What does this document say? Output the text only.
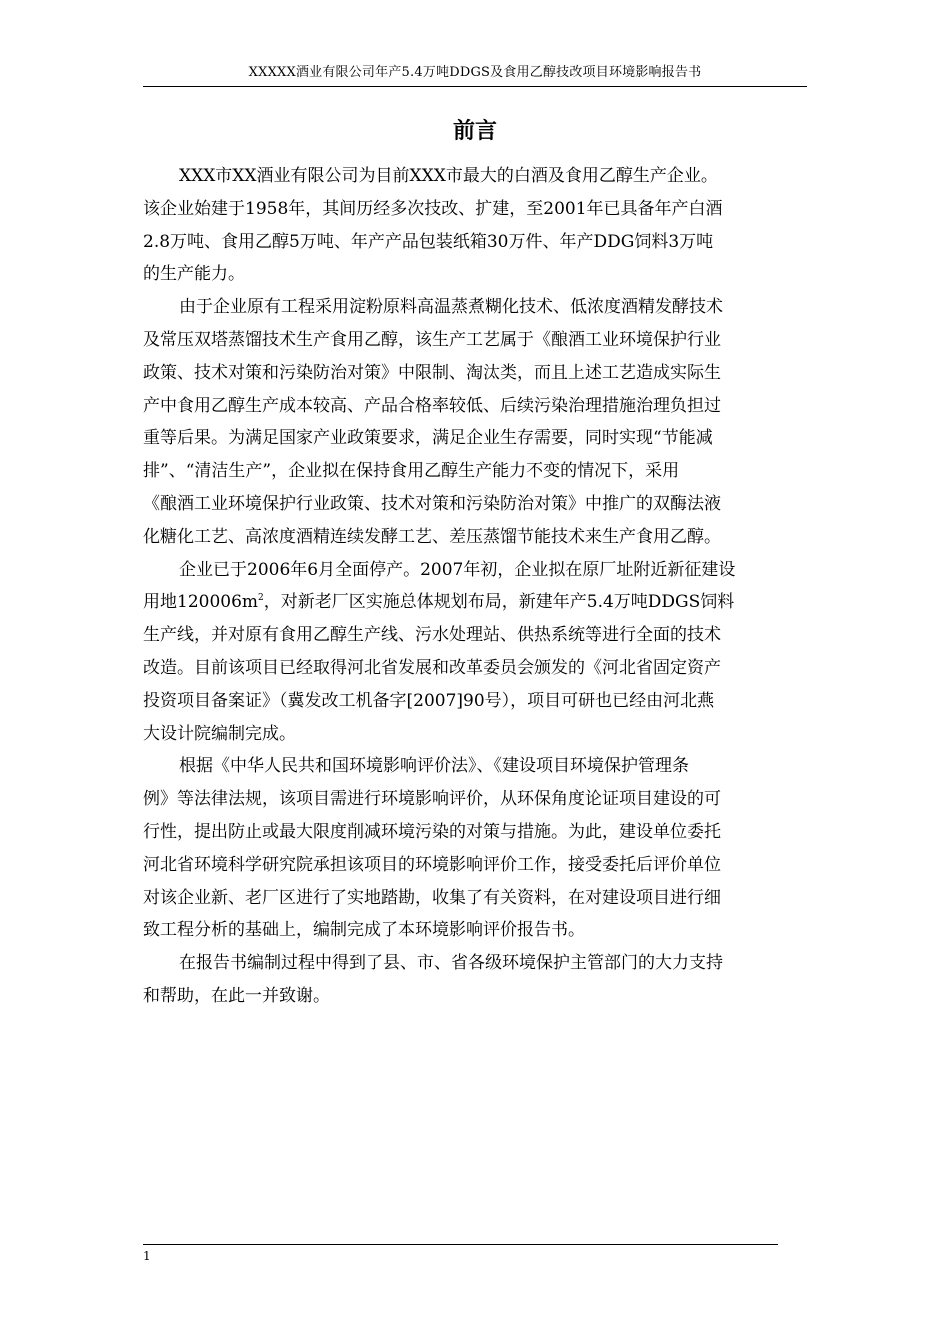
XXXXX酒业有限公司年产5.4万吨DDGS及食用乙醇技改项目环境影响报告书
前言

XXX市XX酒业有限公司为目前XXX市最大的白酒及食用乙醇生产企业。
该企业始建于1958年，其间历经多次技改、扩建，至2001年已具备年产白酒
2.8万吨、食用乙醇5万吨、年产产品包装纸箱30万件、年产DDG饲料3万吨
的生产能力。

由于企业原有工程采用淀粉原料高温蒸煮糊化技术、低浓度酒精发酵技术
及常压双塔蒸馏技术生产食用乙醇，该生产工艺属于《酿酒工业环境保护行业
政策、技术对策和污染防治对策》中限制、淘汰类，而且上述工艺造成实际生
产中食用乙醇生产成本较高、产品合格率较低、后续污染治理措施治理负担过
重等后果。为满足国家产业政策要求，满足企业生存需要，同时实现“节能减
排”、“清洁生产”，企业拟在保持食用乙醇生产能力不变的情况下，采用
《酿酒工业环境保护行业政策、技术对策和污染防治对策》中推广的双酶法液
化糖化工艺、高浓度酒精连续发酵工艺、差压蒸馏节能技术来生产食用乙醇。

企业已于2006年6月全面停产。2007年初，企业拟在原厂址附近新征建设
用地$120006m^2$，对新老厂区实施总体规划布局，新建年产5.4万吨DDGS饲料
生产线，并对原有食用乙醇生产线、污水处理站、供热系统等进行全面的技术
改造。目前该项目已经取得河北省发展和改革委员会颁发的《河北省固定资产
投资项目备案证》（冀发改工机备字[2007]90号），项目可研也已经由河北燕
大设计院编制完成。

根据《中华人民共和国环境影响评价法》、《建设项目环境保护管理条
例》等法律法规，该项目需进行环境影响评价，从环保角度论证项目建设的可
行性，提出防止或最大限度削减环境污染的对策与措施。为此，建设单位委托
河北省环境科学研究院承担该项目的环境影响评价工作，接受委托后评价单位
对该企业新、老厂区进行了实地踏勘，收集了有关资料，在对建设项目进行细
致工程分析的基础上，编制完成了本环境影响评价报告书。

在报告书编制过程中得到了县、市、省各级环境保护主管部门的大力支持
和帮助，在此一并致谢。

1
